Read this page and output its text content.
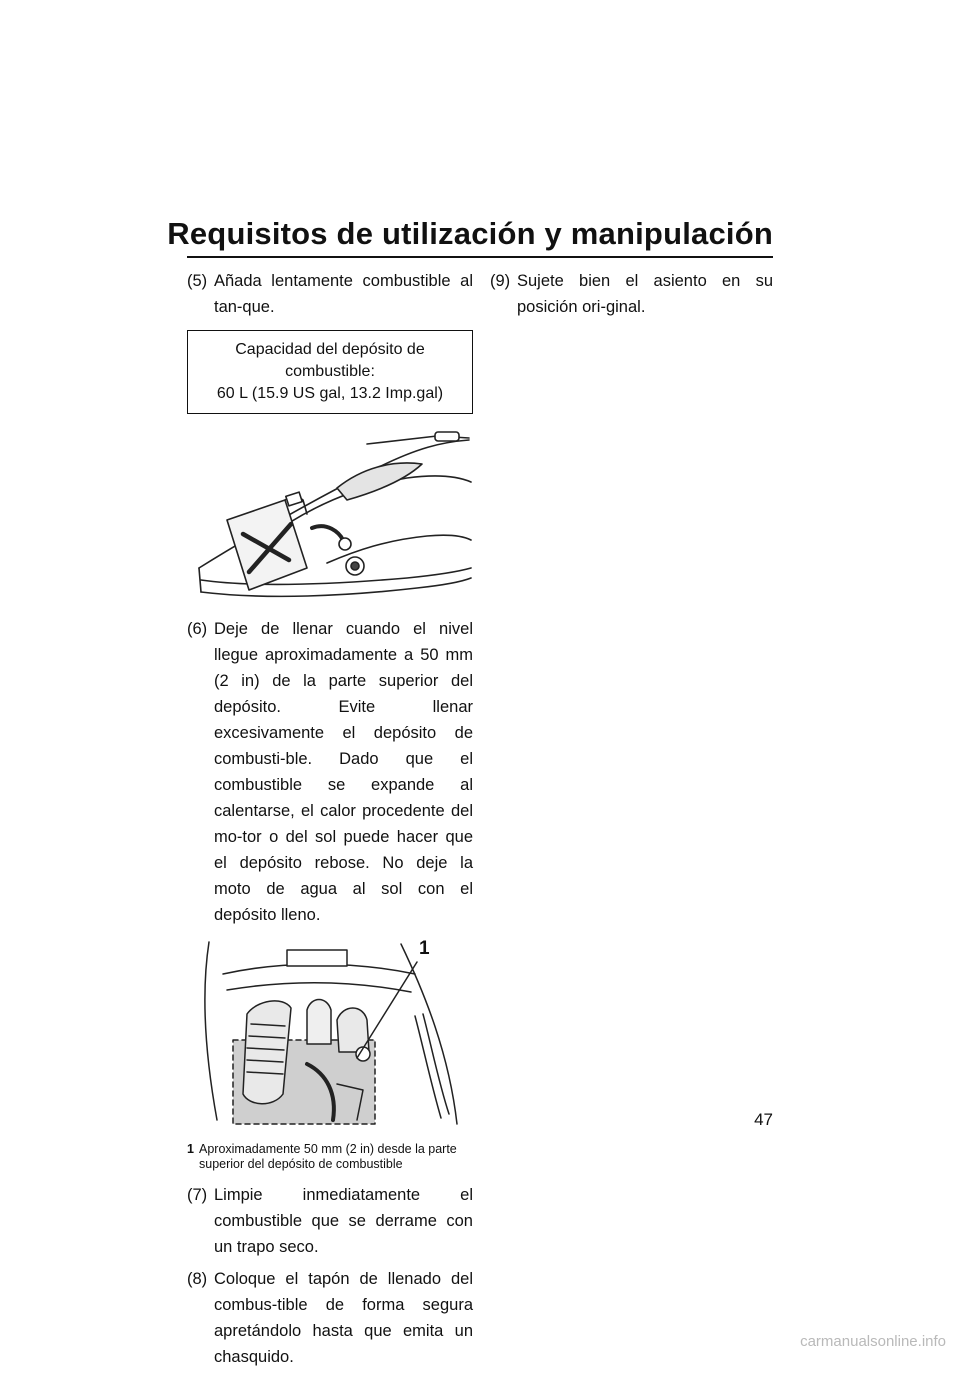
Requisitos de utilización y manipulación

(5) Añada lentamente combustible al tan-que.

Capacidad del depósito de combustible:
60 L (15.9 US gal, 13.2 Imp.gal)

(6) Deje de llenar cuando el nivel llegue aproximadamente a 50 mm (2 in) de la parte superior del depósito. Evite llenar excesivamente el depósito de combusti-ble. Dado que el combustible se expande al calentarse, el calor procedente del mo-tor o del sol puede hacer que el depósito rebose. No deje la moto de agua al sol con el depósito lleno.

1
1 Aproximadamente 50 mm (2 in) desde la parte superior del depósito de combustible

(7) Limpie inmediatamente el combustible que se derrame con un trapo seco.

(8) Coloque el tapón de llenado del combus-tible de forma segura apretándolo hasta que emita un chasquido.

(9) Sujete bien el asiento en su posición ori-ginal.

47
carmanualsonline.info
